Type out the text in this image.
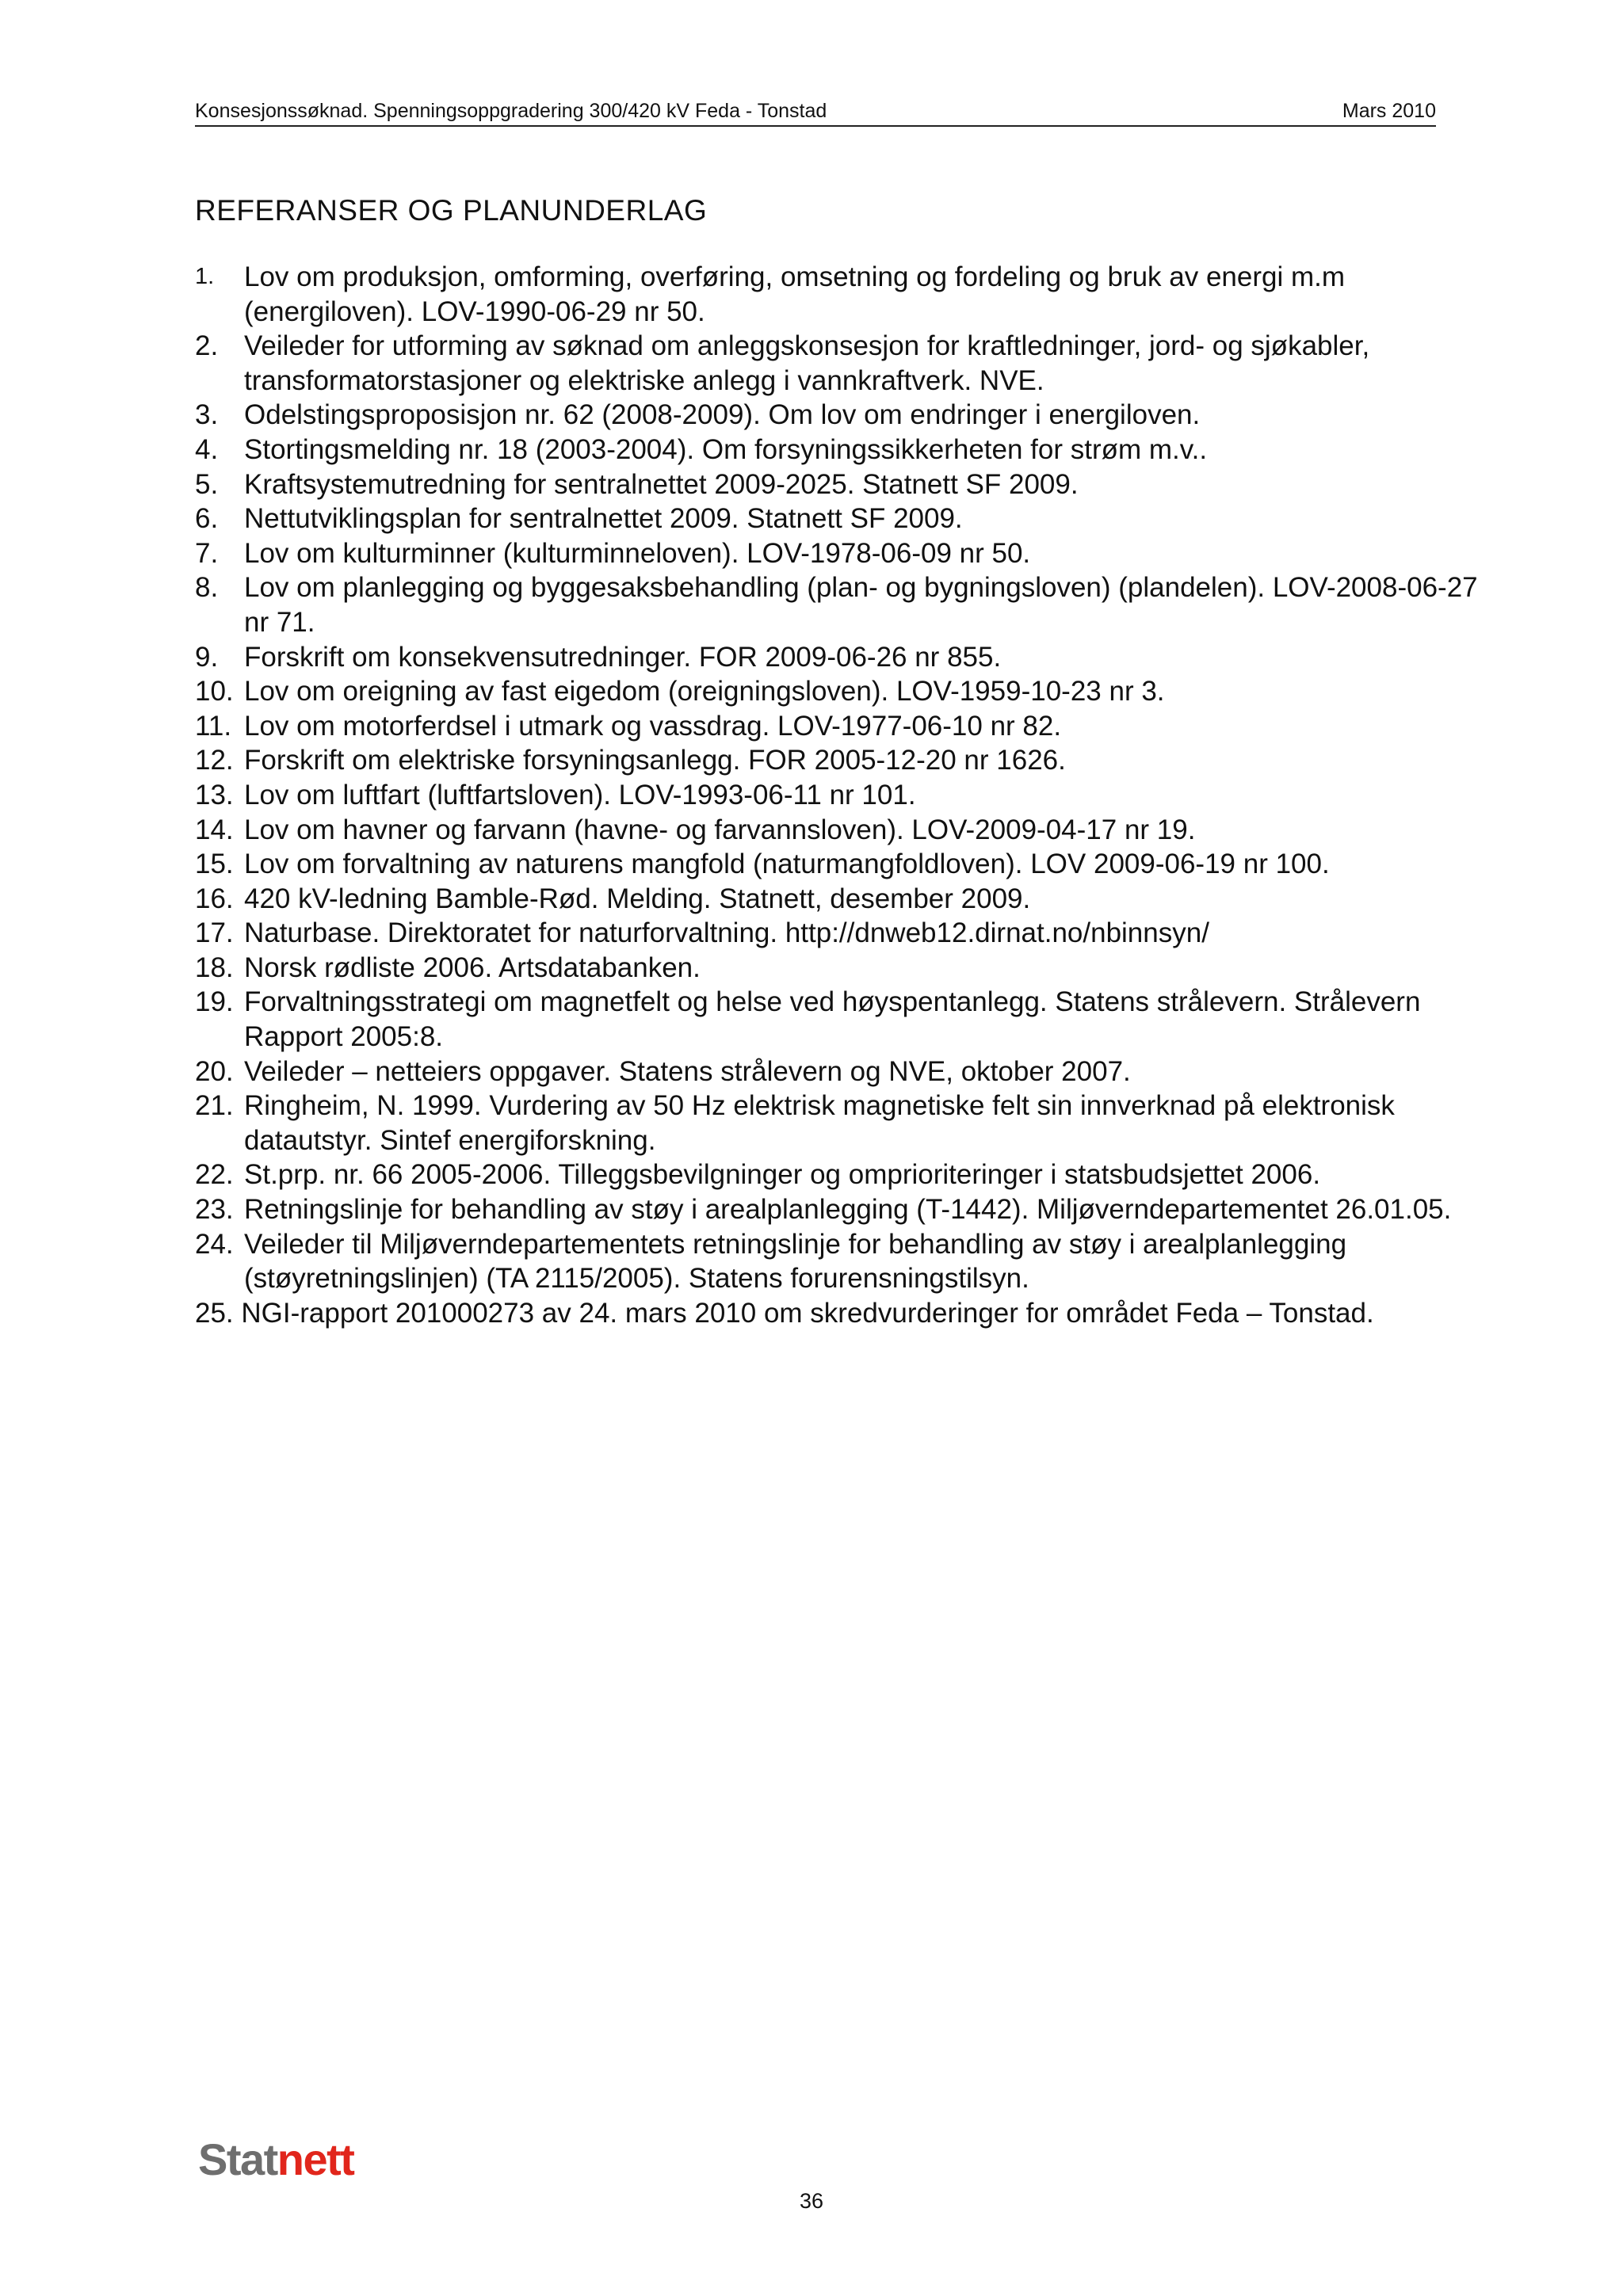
Konsesjonssøknad. Spenningsoppgradering 300/420 kV Feda - Tonstad	Mars 2010
REFERANSER OG PLANUNDERLAG
1. Lov om produksjon, omforming, overføring, omsetning og fordeling og bruk av energi m.m (energiloven). LOV-1990-06-29 nr 50.
2. Veileder for utforming av søknad om anleggskonsesjon for kraftledninger, jord- og sjøkabler, transformatorstasjoner og elektriske anlegg i vannkraftverk. NVE.
3. Odelstingsproposisjon nr. 62 (2008-2009). Om lov om endringer i energiloven.
4. Stortingsmelding nr. 18 (2003-2004). Om forsyningssikkerheten for strøm m.v..
5. Kraftsystemutredning for sentralnettet 2009-2025. Statnett SF 2009.
6. Nettutviklingsplan for sentralnettet 2009. Statnett SF 2009.
7. Lov om kulturminner (kulturminneloven). LOV-1978-06-09 nr 50.
8. Lov om planlegging og byggesaksbehandling (plan- og bygningsloven) (plandelen). LOV-2008-06-27 nr 71.
9. Forskrift om konsekvensutredninger. FOR 2009-06-26 nr 855.
10. Lov om oreigning av fast eigedom (oreigningsloven). LOV-1959-10-23 nr 3.
11. Lov om motorferdsel i utmark og vassdrag. LOV-1977-06-10 nr 82.
12. Forskrift om elektriske forsyningsanlegg. FOR 2005-12-20 nr 1626.
13. Lov om luftfart (luftfartsloven). LOV-1993-06-11 nr 101.
14. Lov om havner og farvann (havne- og farvannsloven). LOV-2009-04-17 nr 19.
15. Lov om forvaltning av naturens mangfold (naturmangfoldloven). LOV 2009-06-19 nr 100.
16. 420 kV-ledning Bamble-Rød. Melding. Statnett, desember 2009.
17. Naturbase. Direktoratet for naturforvaltning. http://dnweb12.dirnat.no/nbinnsyn/
18. Norsk rødliste 2006. Artsdatabanken.
19. Forvaltningsstrategi om magnetfelt og helse ved høyspentanlegg. Statens strålevern. Strålevern Rapport 2005:8.
20. Veileder – netteiers oppgaver. Statens strålevern og NVE, oktober 2007.
21. Ringheim, N. 1999. Vurdering av 50 Hz elektrisk magnetiske felt sin innverknad på elektronisk datautstyr. Sintef energiforskning.
22. St.prp. nr. 66 2005-2006. Tilleggsbevilgninger og omprioriteringer i statsbudsjettet 2006.
23. Retningslinje for behandling av støy i arealplanlegging (T-1442). Miljøverndepartementet 26.01.05.
24. Veileder til Miljøverndepartementets retningslinje for behandling av støy i arealplanlegging (støyretningslinjen) (TA 2115/2005). Statens forurensningstilsyn.
25. NGI-rapport 201000273 av 24. mars 2010 om skredvurderinger for området Feda – Tonstad.
Statnett
36
